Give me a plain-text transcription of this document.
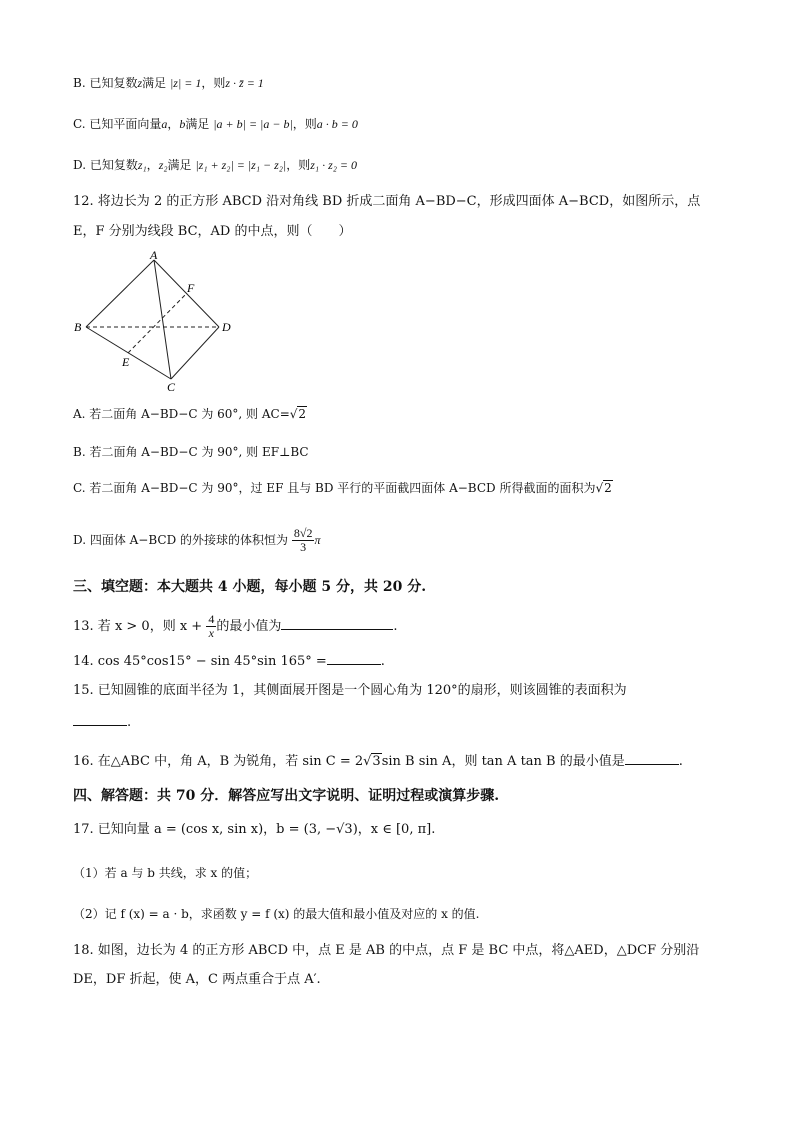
B. 已知复数z满足 |z| = 1，则z · z̄ = 1
C. 已知平面向量a，b满足 |a + b| = |a − b|，则a · b = 0
D. 已知复数z₁，z₂满足 |z₁ + z₂| = |z₁ − z₂|，则z₁ · z₂ = 0
12. 将边长为 2 的正方形 ABCD 沿对角线 BD 折成二面角 A−BD−C，形成四面体 A−BCD，如图所示，点
E，F 分别为线段 BC，AD 的中点，则（　　）
A
B
C
D
E
F
A. 若二面角 A−BD−C 为 60°, 则 AC=√2
B. 若二面角 A−BD−C 为 90°, 则 EF⊥BC
C. 若二面角 A−BD−C 为 90°，过 EF 且与 BD 平行的平面截四面体 A−BCD 所得截面的面积为√2
D. 四面体 A−BCD 的外接球的体积恒为 $\frac{8√2}{3}$ π
三、填空题：本大题共 4 小题，每小题 5 分，共 20 分.
13. 若 x > 0，则 $x + \frac{4}{x}$ 的最小值为	.
14. cos 45°cos15° − sin 45°sin 165° =	.
15. 已知圆锥的底面半径为 1，其侧面展开图是一个圆心角为 120°的扇形，则该圆锥的表面积为
.
16. 在△ABC 中，角 A，B 为锐角，若 sin C = 2√3sin B sin A，则 tan A tan B 的最小值是	.
四、解答题：共 70 分．解答应写出文字说明、证明过程或演算步骤.
17. 已知向量 a = (cos x, sin x)，b = (3, −√3)，x ∈ [0, π].
（1）若 a 与 b 共线，求 x 的值；
（2）记 f (x) = a · b，求函数 y = f (x) 的最大值和最小值及对应的 x 的值.
18. 如图，边长为 4 的正方形 ABCD 中，点 E 是 AB 的中点，点 F 是 BC 中点，将△AED，△DCF 分别沿
DE，DF 折起，使 A，C 两点重合于点 A′.
